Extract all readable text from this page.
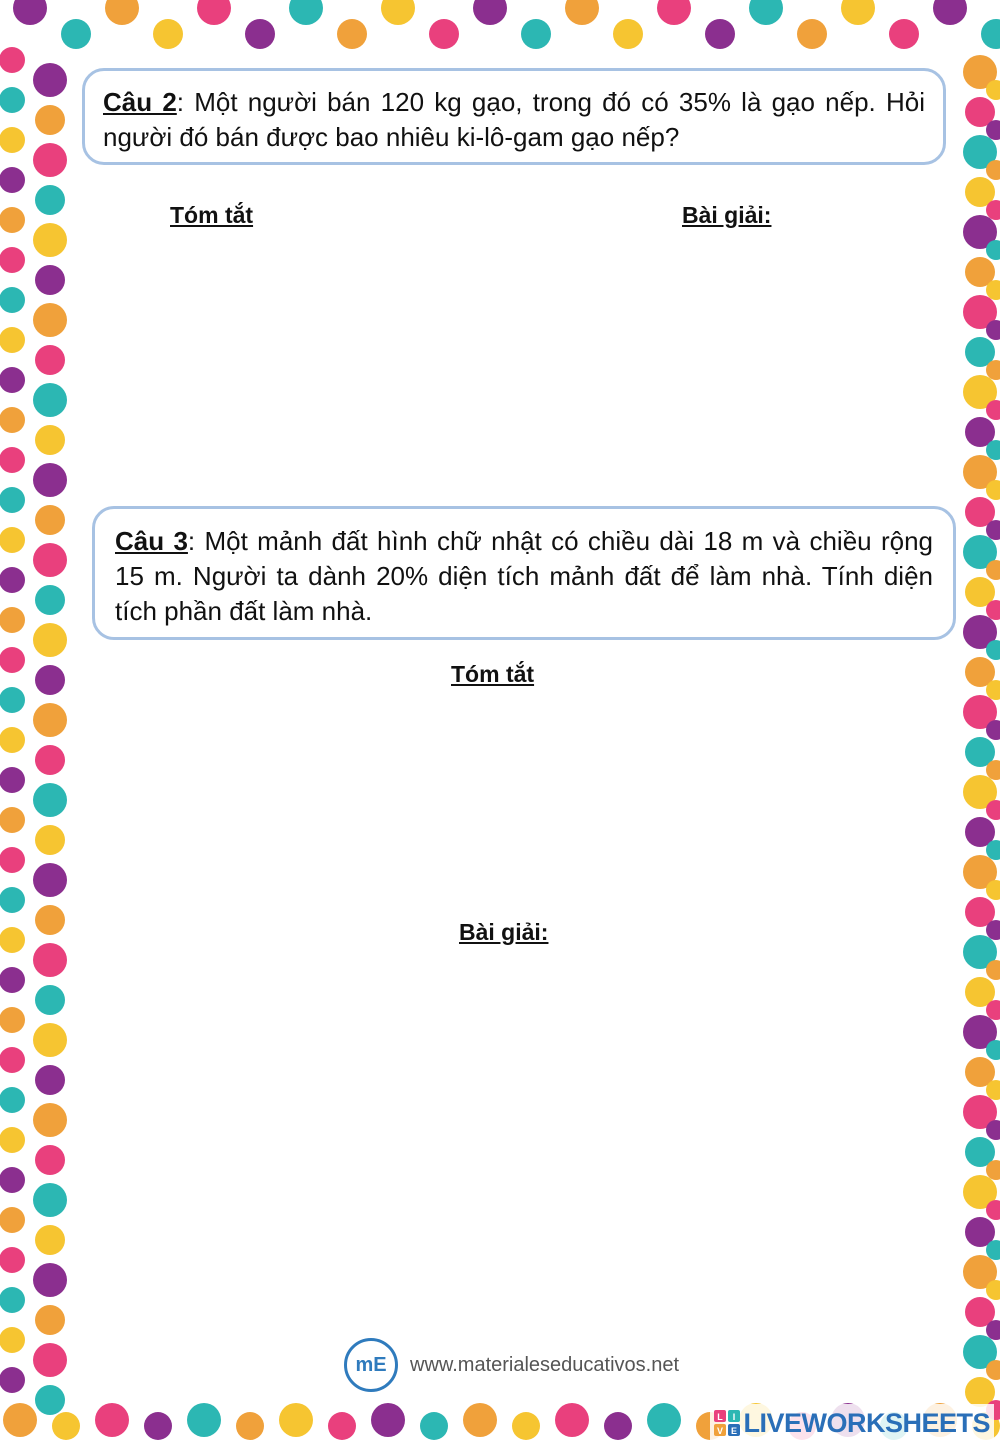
Câu 2: Một người bán 120 kg gạo, trong đó có 35% là gạo nếp. Hỏi người đó bán được bao nhiêu ki-lô-gam gạo nếp?
Tóm tắt	Bài giải:
Câu 3: Một mảnh đất hình chữ nhật có chiều dài 18 m và chiều rộng 15 m. Người ta dành 20% diện tích mảnh đất để làm nhà. Tính diện tích phần đất làm nhà.
Tóm tắt
Bài giải:
mE www.materialeseducativos.net
L I
V E LIVEWORKSHEETS
